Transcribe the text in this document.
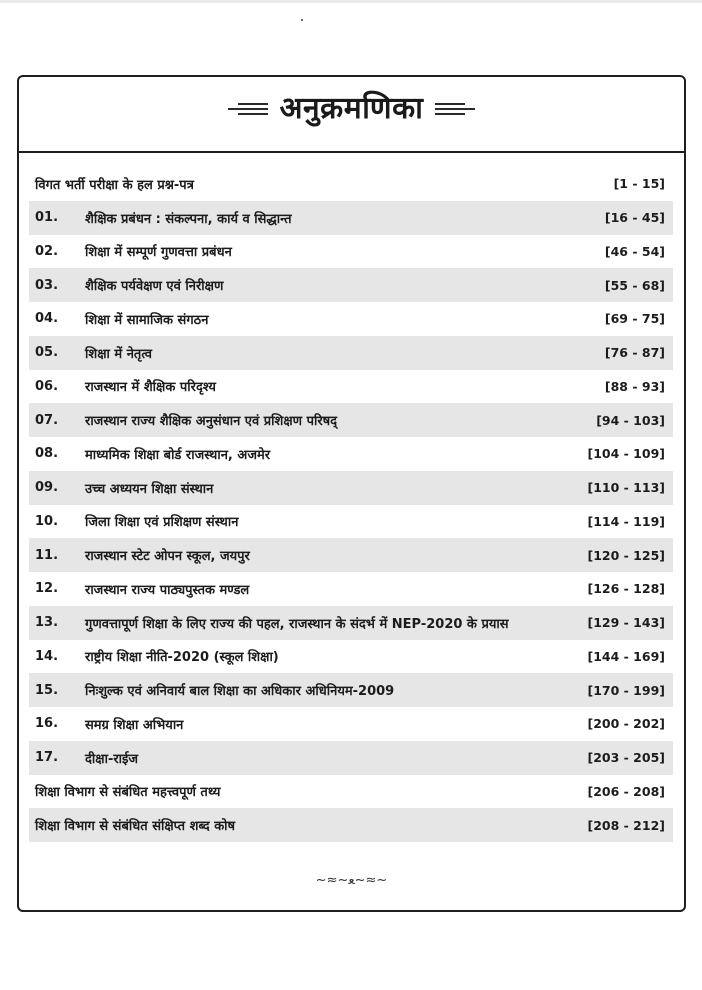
अनुक्रमणिका
विगत भर्ती परीक्षा के हल प्रश्न-पत्र	[1 - 15]
01.	शैक्षिक प्रबंधन : संकल्पना, कार्य व सिद्धान्त	[16 - 45]
02.	शिक्षा में सम्पूर्ण गुणवत्ता प्रबंधन	[46 - 54]
03.	शैक्षिक पर्यवेक्षण एवं निरीक्षण	[55 - 68]
04.	शिक्षा में सामाजिक संगठन	[69 - 75]
05.	शिक्षा में नेतृत्व	[76 - 87]
06.	राजस्थान में शैक्षिक परिदृश्य	[88 - 93]
07.	राजस्थान राज्य शैक्षिक अनुसंधान एवं प्रशिक्षण परिषद्	[94 - 103]
08.	माध्यमिक शिक्षा बोर्ड राजस्थान, अजमेर	[104 - 109]
09.	उच्च अध्ययन शिक्षा संस्थान	[110 - 113]
10.	जिला शिक्षा एवं प्रशिक्षण संस्थान	[114 - 119]
11.	राजस्थान स्टेट ओपन स्कूल, जयपुर	[120 - 125]
12.	राजस्थान राज्य पाठ्यपुस्तक मण्डल	[126 - 128]
13.	गुणवत्तापूर्ण शिक्षा के लिए राज्य की पहल, राजस्थान के संदर्भ में NEP-2020 के प्रयास	[129 - 143]
14.	राष्ट्रीय शिक्षा नीति-2020 (स्कूल शिक्षा)	[144 - 169]
15.	निःशुल्क एवं अनिवार्य बाल शिक्षा का अधिकार अधिनियम-2009	[170 - 199]
16.	समग्र शिक्षा अभियान	[200 - 202]
17.	दीक्षा-राईज	[203 - 205]
शिक्षा विभाग से संबंधित महत्त्वपूर्ण तथ्य	[206 - 208]
शिक्षा विभाग से संबंधित संक्षिप्त शब्द कोष	[208 - 212]
~≈~ﻌ~≈~
